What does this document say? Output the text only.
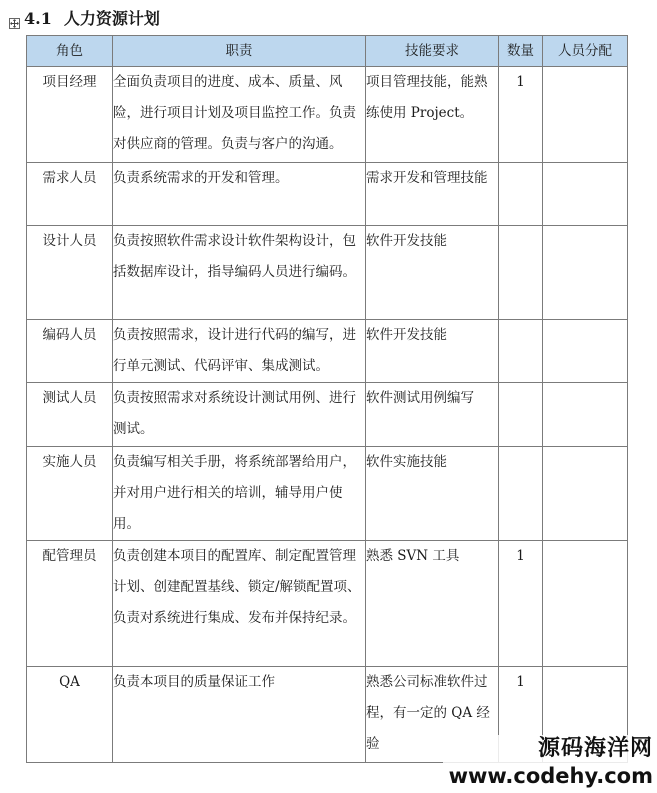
4.1 人力资源计划
角色	职责	技能要求	数量	人员分配
项目经理	全面负责项目的进度、成本、质量、风险，进行项目计划及项目监控工作。负责对供应商的管理。负责与客户的沟通。	项目管理技能，能熟练使用 Project。	1	
需求人员	负责系统需求的开发和管理。	需求开发和管理技能		
设计人员	负责按照软件需求设计软件架构设计，包括数据库设计，指导编码人员进行编码。	软件开发技能		
编码人员	负责按照需求，设计进行代码的编写，进行单元测试、代码评审、集成测试。	软件开发技能		
测试人员	负责按照需求对系统设计测试用例、进行测试。	软件测试用例编写		
实施人员	负责编写相关手册，将系统部署给用户，并对用户进行相关的培训，辅导用户使用。	软件实施技能		
配管理员	负责创建本项目的配置库、制定配置管理计划、创建配置基线、锁定/解锁配置项、负责对系统进行集成、发布并保持纪录。	熟悉 SVN 工具	1	
QA	负责本项目的质量保证工作	熟悉公司标准软件过程，有一定的 QA 经验	1	
源码海洋网
www.codehy.com
